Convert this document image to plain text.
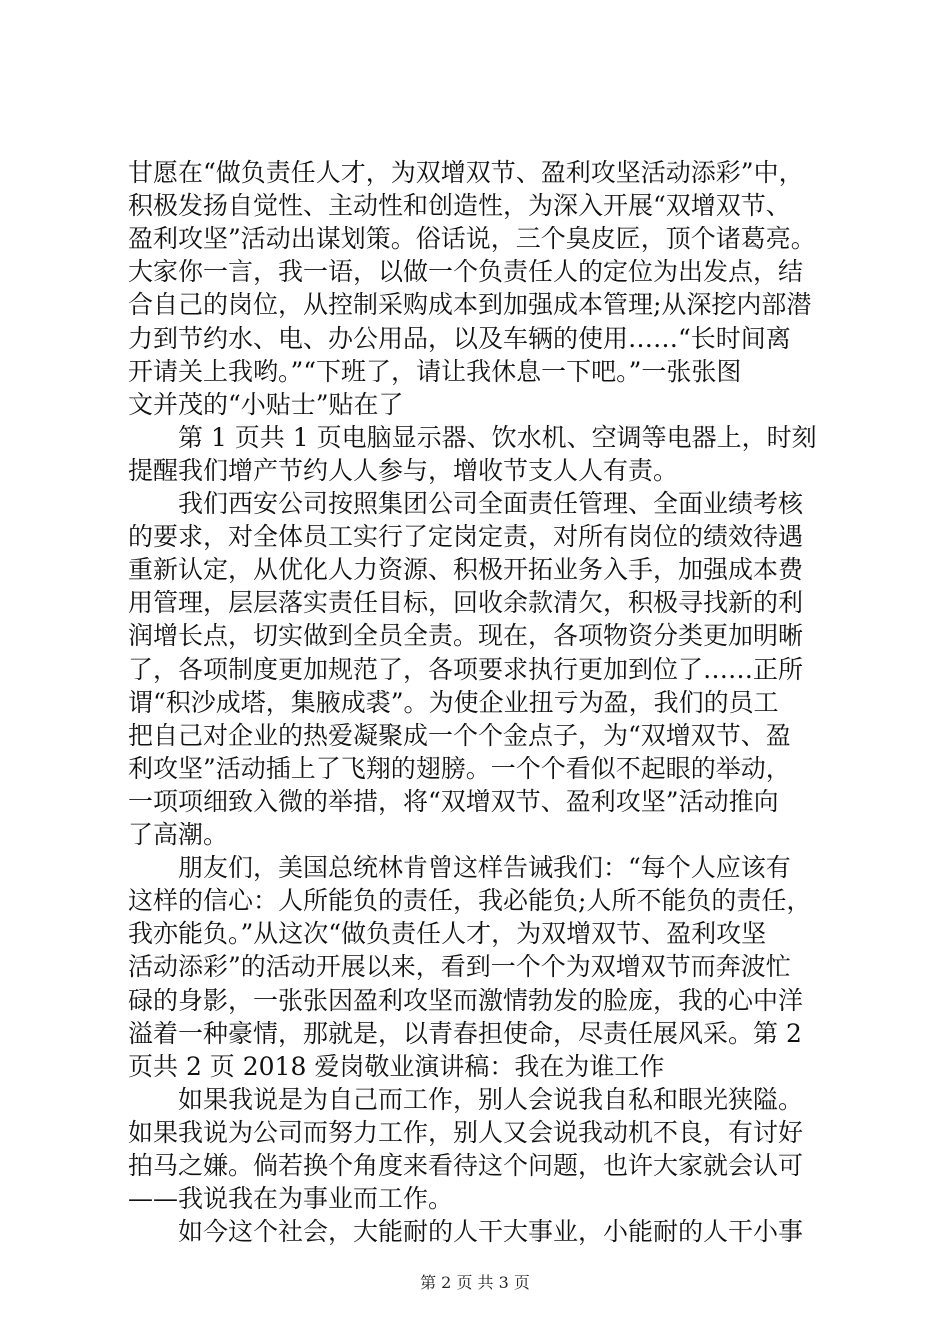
甘愿在“做负责任人才，为双增双节、盈利攻坚活动添彩”中，
积极发扬自觉性、主动性和创造性，为深入开展“双增双节、
盈利攻坚”活动出谋划策。俗话说，三个臭皮匠，顶个诸葛亮。
大家你一言，我一语，以做一个负责任人的定位为出发点，结
合自己的岗位，从控制采购成本到加强成本管理;从深挖内部潜
力到节约水、电、办公用品，以及车辆的使用……“长时间离
开请关上我哟。”“下班了，请让我休息一下吧。”一张张图
文并茂的“小贴士”贴在了
　　第 1 页共 1 页电脑显示器、饮水机、空调等电器上，时刻
提醒我们增产节约人人参与，增收节支人人有责。
　　我们西安公司按照集团公司全面责任管理、全面业绩考核
的要求，对全体员工实行了定岗定责，对所有岗位的绩效待遇
重新认定，从优化人力资源、积极开拓业务入手，加强成本费
用管理，层层落实责任目标，回收余款清欠，积极寻找新的利
润增长点，切实做到全员全责。现在，各项物资分类更加明晰
了，各项制度更加规范了，各项要求执行更加到位了……正所
谓“积沙成塔，集腋成裘”。为使企业扭亏为盈，我们的员工
把自己对企业的热爱凝聚成一个个金点子，为“双增双节、盈
利攻坚”活动插上了飞翔的翅膀。一个个看似不起眼的举动，
一项项细致入微的举措，将“双增双节、盈利攻坚”活动推向
了高潮。
　　朋友们，美国总统林肯曾这样告诫我们：“每个人应该有
这样的信心：人所能负的责任，我必能负;人所不能负的责任，
我亦能负。”从这次“做负责任人才，为双增双节、盈利攻坚
活动添彩”的活动开展以来，看到一个个为双增双节而奔波忙
碌的身影，一张张因盈利攻坚而激情勃发的脸庞，我的心中洋
溢着一种豪情，那就是，以青春担使命，尽责任展风采。第 2
页共 2 页 2018 爱岗敬业演讲稿：我在为谁工作
　　如果我说是为自己而工作，别人会说我自私和眼光狭隘。
如果我说为公司而努力工作，别人又会说我动机不良，有讨好
拍马之嫌。倘若换个角度来看待这个问题，也许大家就会认可
——我说我在为事业而工作。
　　如今这个社会，大能耐的人干大事业，小能耐的人干小事
第 2 页 共 3 页
